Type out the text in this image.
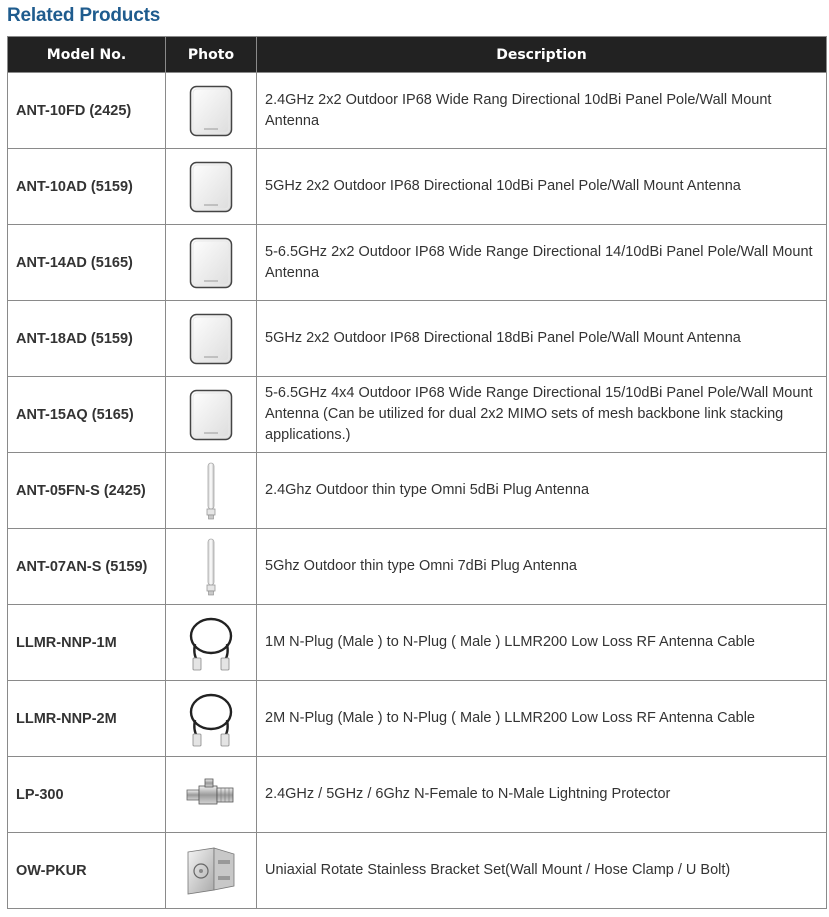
Related Products
Model No.	Photo	Description
ANT-10FD (2425)		2.4GHz 2x2 Outdoor IP68 Wide Rang Directional 10dBi Panel Pole/Wall Mount Antenna
ANT-10AD (5159)		5GHz 2x2 Outdoor IP68 Directional 10dBi Panel Pole/Wall Mount Antenna
ANT-14AD (5165)		5-6.5GHz 2x2 Outdoor IP68 Wide Range Directional 14/10dBi Panel Pole/Wall Mount Antenna
ANT-18AD (5159)		5GHz 2x2 Outdoor IP68 Directional 18dBi Panel Pole/Wall Mount Antenna
ANT-15AQ (5165)		5-6.5GHz 4x4 Outdoor IP68 Wide Range Directional 15/10dBi Panel Pole/Wall Mount Antenna (Can be utilized for dual 2x2 MIMO sets of mesh backbone link stacking applications.)
ANT-05FN-S (2425)		2.4Ghz Outdoor thin type Omni 5dBi Plug Antenna
ANT-07AN-S (5159)		5Ghz Outdoor thin type Omni 7dBi Plug Antenna
LLMR-NNP-1M		1M N-Plug (Male ) to N-Plug ( Male ) LLMR200 Low Loss RF Antenna Cable
LLMR-NNP-2M		2M N-Plug (Male ) to N-Plug ( Male ) LLMR200 Low Loss RF Antenna Cable
LP-300		2.4GHz / 5GHz / 6Ghz N-Female to N-Male Lightning Protector
OW-PKUR		Uniaxial Rotate Stainless Bracket Set(Wall Mount / Hose Clamp / U Bolt)
